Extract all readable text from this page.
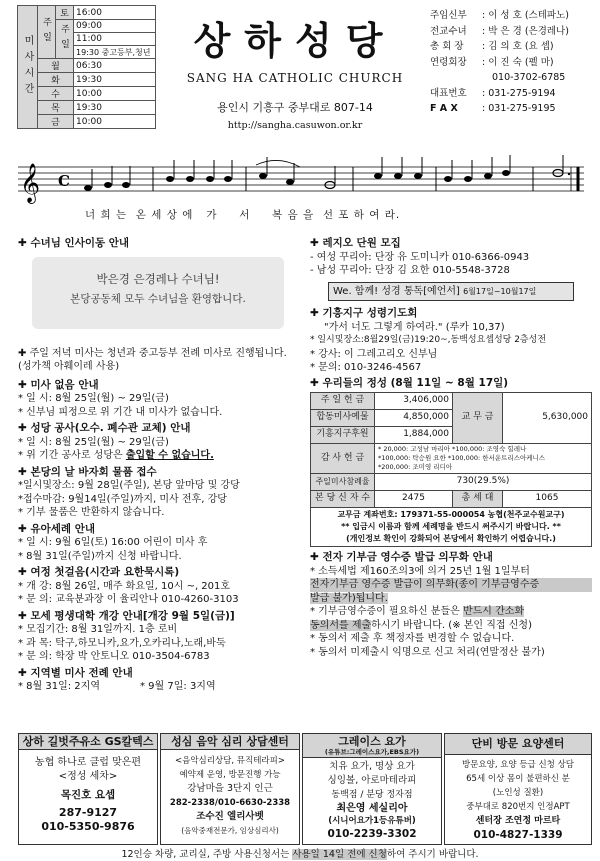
미사시간	주일	토	16:00
		주일	09:00
			11:00
			19:30 중고등부,청년
	월		06:30
	화		19:30
	수		10:00
	목		19:30
	금		10:00
상하성당
SANG HA CATHOLIC CHURCH
용인시 기흥구 중부대로 807-14
http://sangha.casuwon.or.kr
주임신부 : 이 성 호 (스테파노)
전교수녀 : 박 은 경 (은경레나)
총 회 장 : 김 의 호 (요 셉)
연령회장 : 이 진 숙 (펠 마)
010-3702-6785
대표번호 : 031-275-9194
F A X	: 031-275-9195
𝄞 C
너 희 는  온 세 상 에   가     서     복 음 을  선 포 하 여 라.
✚ 수녀님 인사이동 안내
박은경 은경레나 수녀님!
본당공동체 모두 수녀님을 환영합니다.
✚ 주일 저녁 미사는 청년과 중고등부 전례 미사로 진행됩니다. (성가책 아훼이레 사용)
✚ 미사 없음 안내
* 일 시: 8월 25일(월) ~ 29일(금)
* 신부님 피정으로 위 기간 내 미사가 없습니다.
✚ 성당 공사(오수. 폐수관 교체) 안내
* 일 시: 8월 25일(월) ~ 29일(금)
* 위 기간 공사로 성당은 출입할 수 없습니다.
✚ 본당의 날 바자회 물품 접수
*일시및장소: 9월 28일(주일), 본당 앞마당 및 강당
*접수마감: 9월14일(주일)까지, 미사 전후, 강당
* 기부 물품은 반환하지 않습니다.
✚ 유아세례 안내
* 일 시: 9월 6일(토) 16:00 어린이 미사 후
* 8월 31일(주일)까지 신청 바랍니다.
✚ 여정 첫걸음(시간과 요한묵시록)
* 개 강: 8월 26일, 매주 화요일, 10시 ~, 201호
* 문 의: 교육분과장 이 율리안나 010-4260-3103
✚ 모세 평생대학 개강 안내[개강 9월 5일(금)]
* 모집기간: 8월 31일까지. 1층 로비
* 과 목: 탁구,하모니카,요가,오카리나,노래,바둑
* 문 의: 학장 박 안토니오 010-3504-6783
✚ 지역별 미사 전례 안내
* 8월 31일: 2지역	* 9월 7일: 3지역
✚ 레지오 단원 모집
- 여성 꾸리아: 단장 유 도미니카 010-6366-0943
- 남성 꾸리아: 단장 김 요한 010-5548-3728
We. 함께! 성경 통독[예언서] 6월17일~10월17일
✚ 기흥지구 성령기도회
"가서 너도 그렇게 하여라." (루카 10,37)
* 일시및장소:8월29일(금)19:20~,동백성요셉성당 2층성전
* 강사: 이 그레고리오 신부님
* 문의: 010-3246-4567
✚ 우리들의 정성 (8월 11일 ~ 8월 17일)
주 일 헌 금	3,406,000	교 무 금	5,630,000
합동미사예물	4,850,000		
기흥지구후원	1,884,000		
감 사 헌 금	* 20,000: 고성남 마리아 *100,000: 조영숙 힐레나
*100,000: 탁승원 요한 *100,000: 한서운트리스아케니스
*200,000: 조미영 리디아		

주일미사참례율	730(29.5%)		
본 당 신 자 수	2475	총 세 대	1065

교무금 계좌번호: 179371-55-000054 농협(천주교수원교구)
** 입금시 이름과 함께 세례명을 반드시 써주시기 바랍니다. **
(개인정보 확인이 강화되어 본당에서 확인하기 어렵습니다.)			
✚ 전자 기부금 영수증 발급 의무화 안내
* 소득세법 제160조의3에 의거 25년 1월 1일부터
전자기부금 영수증 발급이 의무화(종이 기부금영수증
발급 불가)됩니다.
* 기부금영수증이 필요하신 분들은 반드시 간소화
동의서를 제출하시기 바랍니다. (※ 본인 직접 신청)
* 동의서 제출 후 책정자를 변경할 수 없습니다.
* 동의서 미제출시 익명으로 신고 처리(연말정산 불가)
상하 길벗주유소 GS칼텍스
농협 하나로 클럽 맞은편
<정성 세차>
목진호 요셉
287-9127
010-5350-9876
성심 음악 심리 상담센터
<음악심리상담, 뮤직테라피>
예약제 운영, 방문진행 가능
강남마을 3단지 인근
282-2338/010-6630-2338
조수진 엘리사벳
(음악중재전문가, 임상심리사)
그레이스 요가
(유튜브:그레이스요가,EBS요가)
치유 요가, 명상 요가
싱잉볼, 아로마테라피
동백점 / 분당 정자점
최은영 세실리아
(시니어요가1등유튜버)
010-2239-3302
단비 방문 요양센터
방문요양, 요양 등급 신청 상담
65세 이상 몸이 불편하신 분
(노인성 질환)
중부대로 820번지 인정APT
센터장 조연정 마르타
010-4827-1339
12인승 차량, 교리실, 주방 사용신청서는 사용일 14일 전에 신청하여 주시기 바랍니다.
